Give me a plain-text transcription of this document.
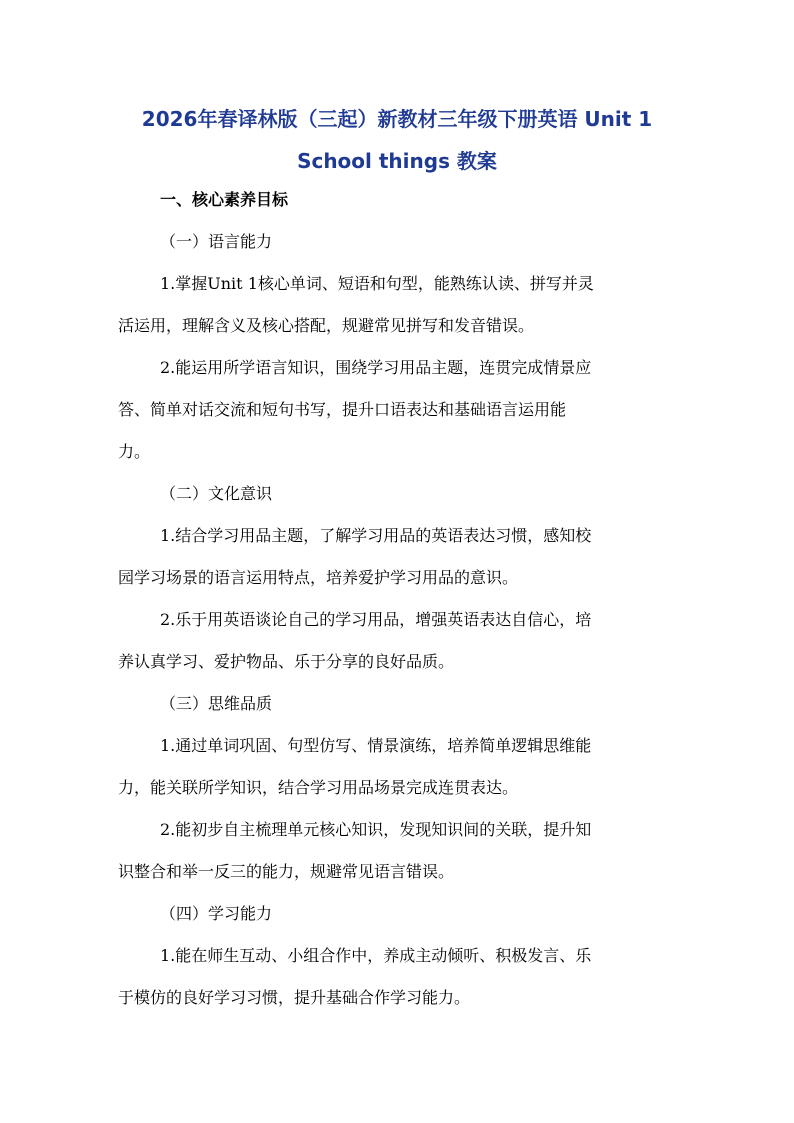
2026年春译林版（三起）新教材三年级下册英语 Unit 1
School things 教案
一、核心素养目标
（一）语言能力
1.掌握Unit 1核心单词、短语和句型，能熟练认读、拼写并灵
活运用，理解含义及核心搭配，规避常见拼写和发音错误。
2.能运用所学语言知识，围绕学习用品主题，连贯完成情景应
答、简单对话交流和短句书写，提升口语表达和基础语言运用能
力。
（二）文化意识
1.结合学习用品主题，了解学习用品的英语表达习惯，感知校
园学习场景的语言运用特点，培养爱护学习用品的意识。
2.乐于用英语谈论自己的学习用品，增强英语表达自信心，培
养认真学习、爱护物品、乐于分享的良好品质。
（三）思维品质
1.通过单词巩固、句型仿写、情景演练，培养简单逻辑思维能
力，能关联所学知识，结合学习用品场景完成连贯表达。
2.能初步自主梳理单元核心知识，发现知识间的关联，提升知
识整合和举一反三的能力，规避常见语言错误。
（四）学习能力
1.能在师生互动、小组合作中，养成主动倾听、积极发言、乐
于模仿的良好学习习惯，提升基础合作学习能力。
